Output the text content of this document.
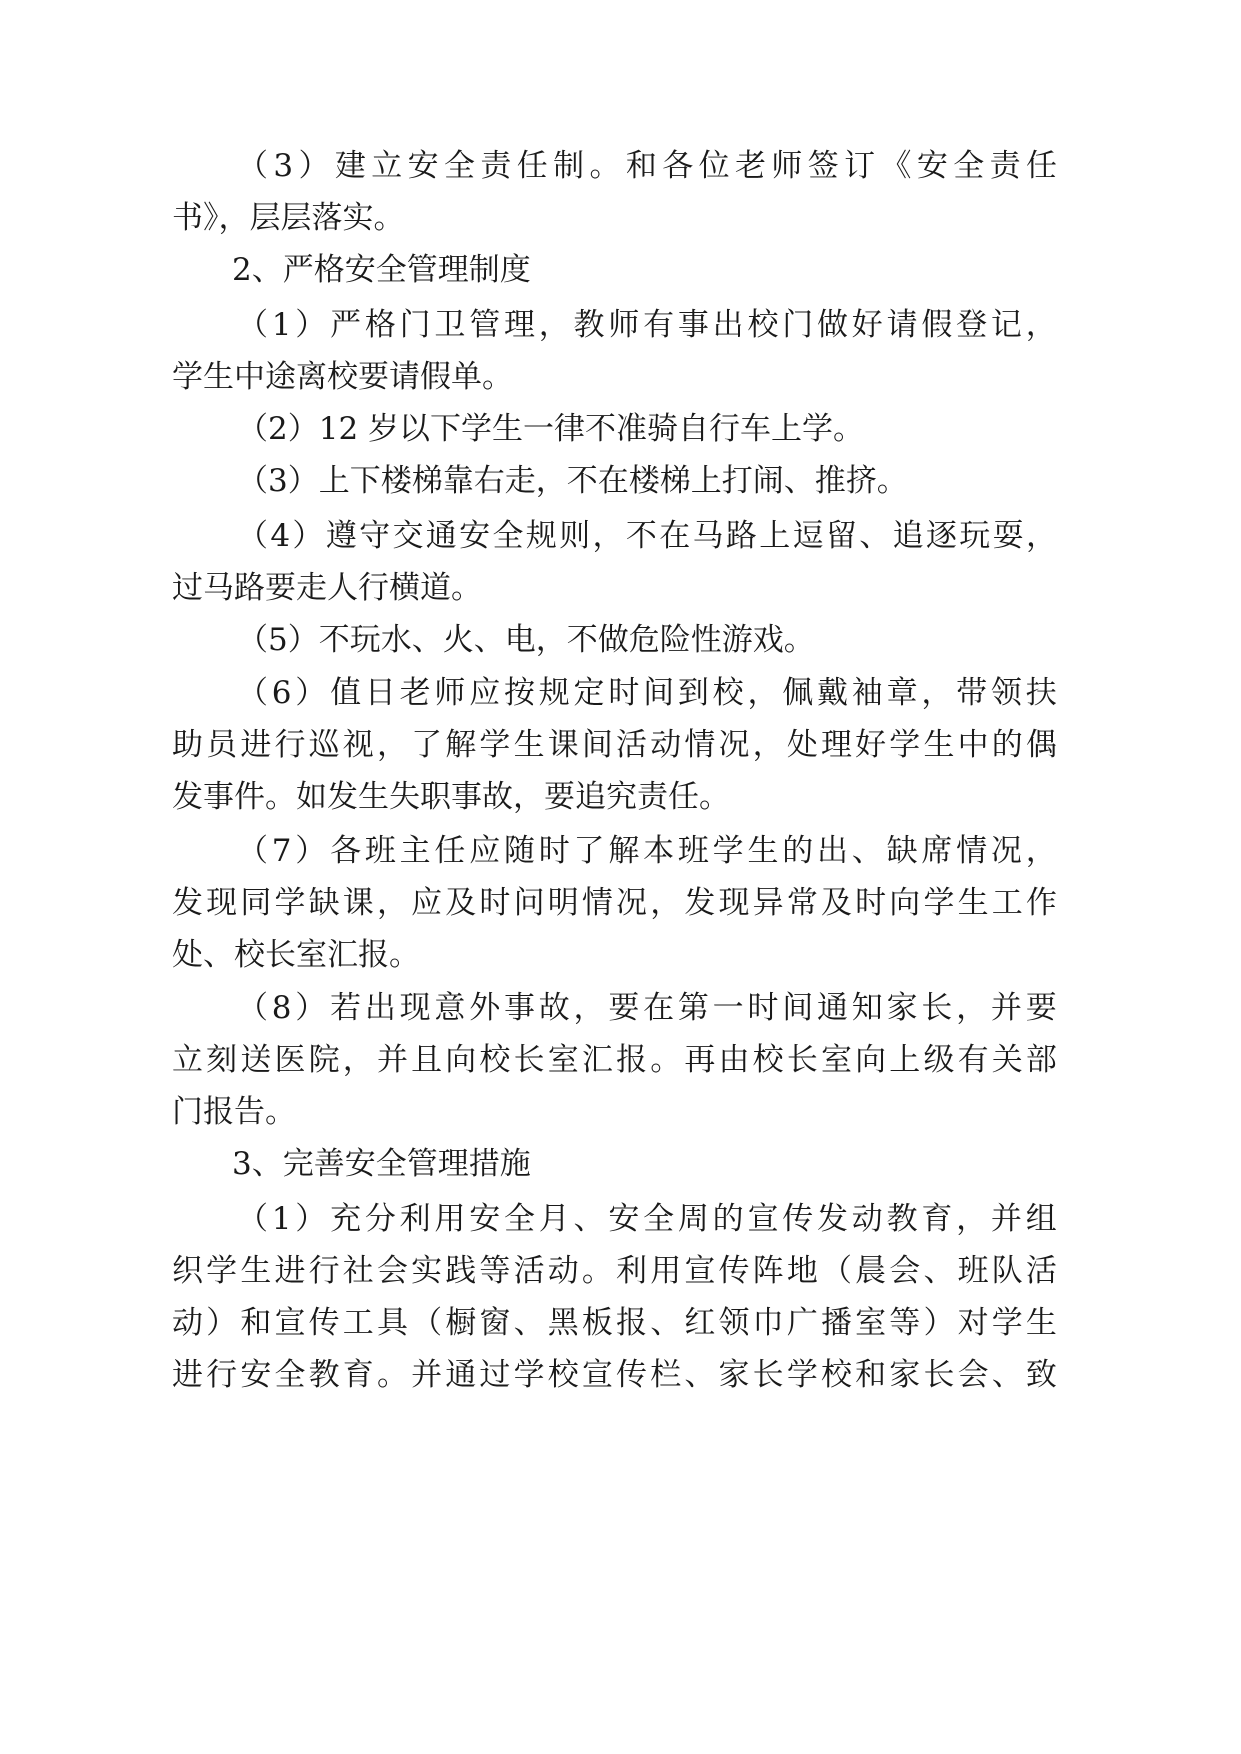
（ 3 ） 建 立 安 全 责 任 制 。 和 各 位 老 师 签 订 《 安 全 责 任
书》，层层落实。
2、严格安全管理制度
（ 1 ） 严 格 门 卫 管 理 ， 教 师 有 事 出 校 门 做 好 请 假 登 记 ，
学生中途离校要请假单。
（2）12 岁以下学生一律不准骑自行车上学。
（3）上下楼梯靠右走，不在楼梯上打闹、推挤。
（ 4 ） 遵 守 交 通 安 全 规 则 ， 不 在 马 路 上 逗 留 、 追 逐 玩 耍 ，
过马路要走人行横道。
（5）不玩水、火、电，不做危险性游戏。
（ 6 ） 值 日 老 师 应 按 规 定 时 间 到 校 ， 佩 戴 袖 章 ， 带 领 扶
助 员 进 行 巡 视 ， 了 解 学 生 课 间 活 动 情 况 ， 处 理 好 学 生 中 的 偶
发事件。如发生失职事故，要追究责任。
（ 7 ） 各 班 主 任 应 随 时 了 解 本 班 学 生 的 出 、 缺 席 情 况 ，
发 现 同 学 缺 课 ， 应 及 时 问 明 情 况 ， 发 现 异 常 及 时 向 学 生 工 作
处、校长室汇报。
（ 8 ） 若 出 现 意 外 事 故 ， 要 在 第 一 时 间 通 知 家 长 ， 并 要
立 刻 送 医 院 ， 并 且 向 校 长 室 汇 报 。 再 由 校 长 室 向 上 级 有 关 部
门报告。
3、完善安全管理措施
（ 1 ） 充 分 利 用 安 全 月 、 安 全 周 的 宣 传 发 动 教 育 ， 并 组
织 学 生 进 行 社 会 实 践 等 活 动 。 利 用 宣 传 阵 地 （ 晨 会 、 班 队 活
动 ） 和 宣 传 工 具 （ 橱 窗 、 黑 板 报 、 红 领 巾 广 播 室 等 ） 对 学 生
进 行 安 全 教 育 。 并 通 过 学 校 宣 传 栏 、 家 长 学 校 和 家 长 会 、 致
